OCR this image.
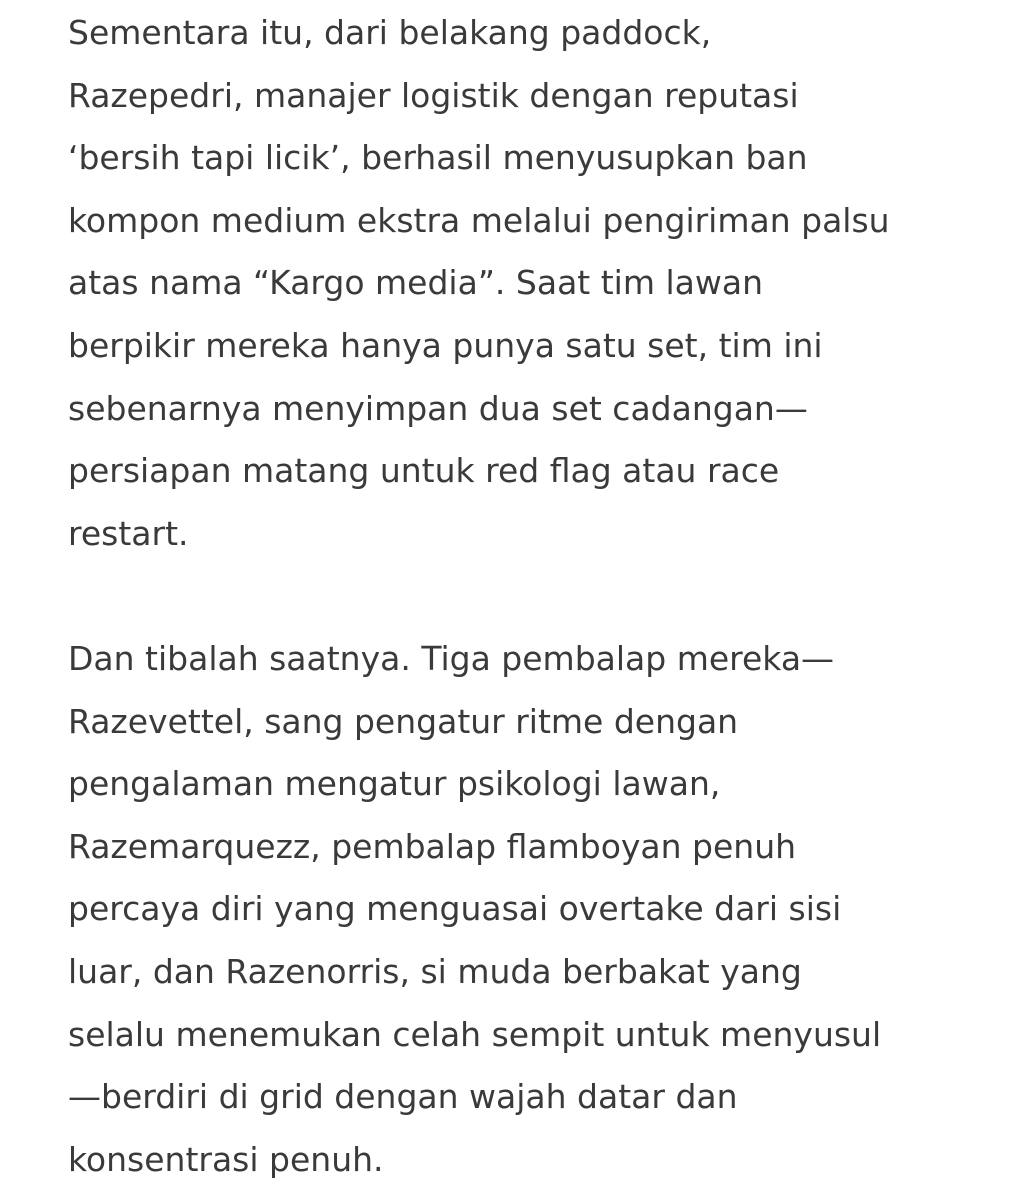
Sementara itu, dari belakang paddock,
Razepedri, manajer logistik dengan reputasi
‘bersih tapi licik’, berhasil menyusupkan ban
kompon medium ekstra melalui pengiriman palsu
atas nama “Kargo media”. Saat tim lawan
berpikir mereka hanya punya satu set, tim ini
sebenarnya menyimpan dua set cadangan—
persiapan matang untuk red flag atau race
restart.
Dan tibalah saatnya. Tiga pembalap mereka—
Razevettel, sang pengatur ritme dengan
pengalaman mengatur psikologi lawan,
Razemarquezz, pembalap flamboyan penuh
percaya diri yang menguasai overtake dari sisi
luar, dan Razenorris, si muda berbakat yang
selalu menemukan celah sempit untuk menyusul
—berdiri di grid dengan wajah datar dan
konsentrasi penuh.
